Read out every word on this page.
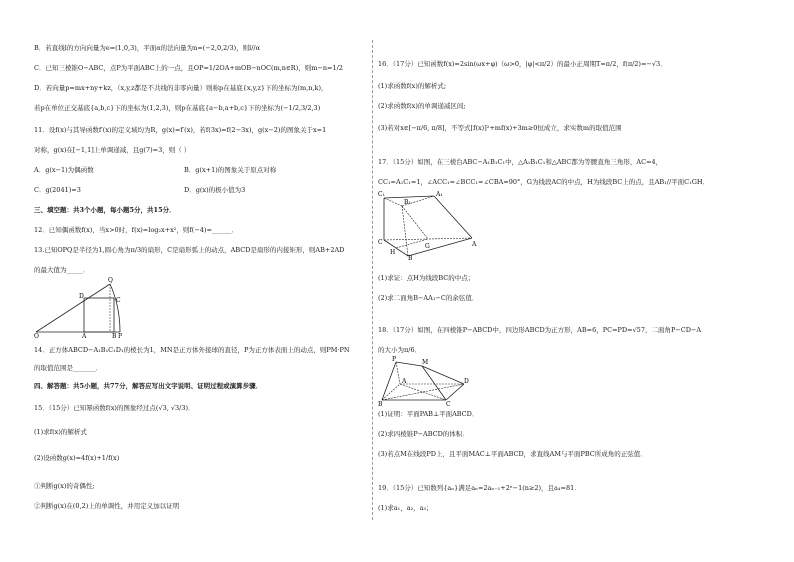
B．若直线l的方向向量为e=(1,0,3)，平面α的法向量为n=(−2,0,2/3)，则l//α
C．已知三棱锥O−ABC，点P为平面ABC上的一点，且OP=1/2OA+mOB−nOC(m,n∈R)，则m−n=1/2
D．若向量p=mx+ny+kz，（x,y,z都是不共线的非零向量）则称p在基底{x,y,z}下的坐标为(m,n,k)，
若p在单位正交基底{a,b,c}下的坐标为(1,2,3)，则p在基底{a−b,a+b,c}下的坐标为(−1/2,3/2,3)
11．设f(x)与其导函数f′(x)的定义域均为R，g(x)=f′(x)，若f(3x)=f(2−3x)，g(x−2)的图象关于x=1
对称，g(x)在[−1,1]上单调递减，且g(7)=3，则（ ）
A．g(x−1)为偶函数	B．g(x+1)的图象关于原点对称
C．g(2041)=3	D．g(x)的极小值为3
三、填空题：共3个小题，每小题5分，共15分．
12．已知偶函数f(x)，当x>0时，f(x)=log₂x+x²，则f(−4)=______．
13.已知OPQ是半径为1,圆心角为π/3的扇形，C是扇形弧上的动点，ABCD是扇形的内接矩形，则AB+2AD
的最大值为_____．
Q
D
C
O	A	B P
14．正方体ABCD−A₁B₁C₁D₁的棱长为1，MN是正方体外接球的直径，P为正方体表面上的动点，则PM·PN
的取值范围是_______．
四、解答题：共5小题，共77分，解答应写出文字说明、证明过程或演算步骤．
15．（15分）已知幂函数f(x)的图象经过点(√3, √3/3)．
(1)求f(x)的解析式
(2)设函数g(x)=4f(x)+1/f(x)
①判断g(x)的奇偶性;
②判断g(x)在(0,2)上的单调性，并用定义加以证明
16．（17分）已知函数f(x)=2sin(ωx+φ)（ω>0，|φ|<π/2）的最小正周期T=π/2，f(π/2)=−√3．
(1)求函数f(x)的解析式;
(2)求函数f(x)的单调递减区间;
(3)若对x∈[−π/6, π/8]，不等式[f(x)]²+mf(x)+3m≥0恒成立，求实数m的取值范围
17．（15分）如图，在三棱台ABC−A₁B₁C₁中，△A₁B₁C₁和△ABC都为等腰直角三角形，AC=4，
CC₁=A₁C₁=1，∠ACC₁=∠BCC₁=∠CBA=90°，G为线段AC的中点，H为线段BC上的点，且AB₁//平面C₁GH．
C₁
B₁
A₁
C
G	A
H
B
(1)求证：点H为线段BC的中点；
(2)求二面角B−AA₁−C的余弦值．
18．（17分）如图，在四棱锥P−ABCD中，四边形ABCD为正方形，AB=6，PC=PD=√57，二面角P−CD−A
的大小为π/6．
P	M
A	D
B	C
(1)证明：平面PAB⊥平面ABCD．
(2)求四棱锥P−ABCD的体积．
(3)若点M在线段PD上，且平面MAC⊥平面ABCD，求直线AM与平面PBC所成角的正弦值．
19．（15分）已知数列{aₙ}满足aₙ=2aₙ₋₁+2ⁿ−1(n≥2)，且a₄=81．
(1)求a₁，a₂，a₃；
